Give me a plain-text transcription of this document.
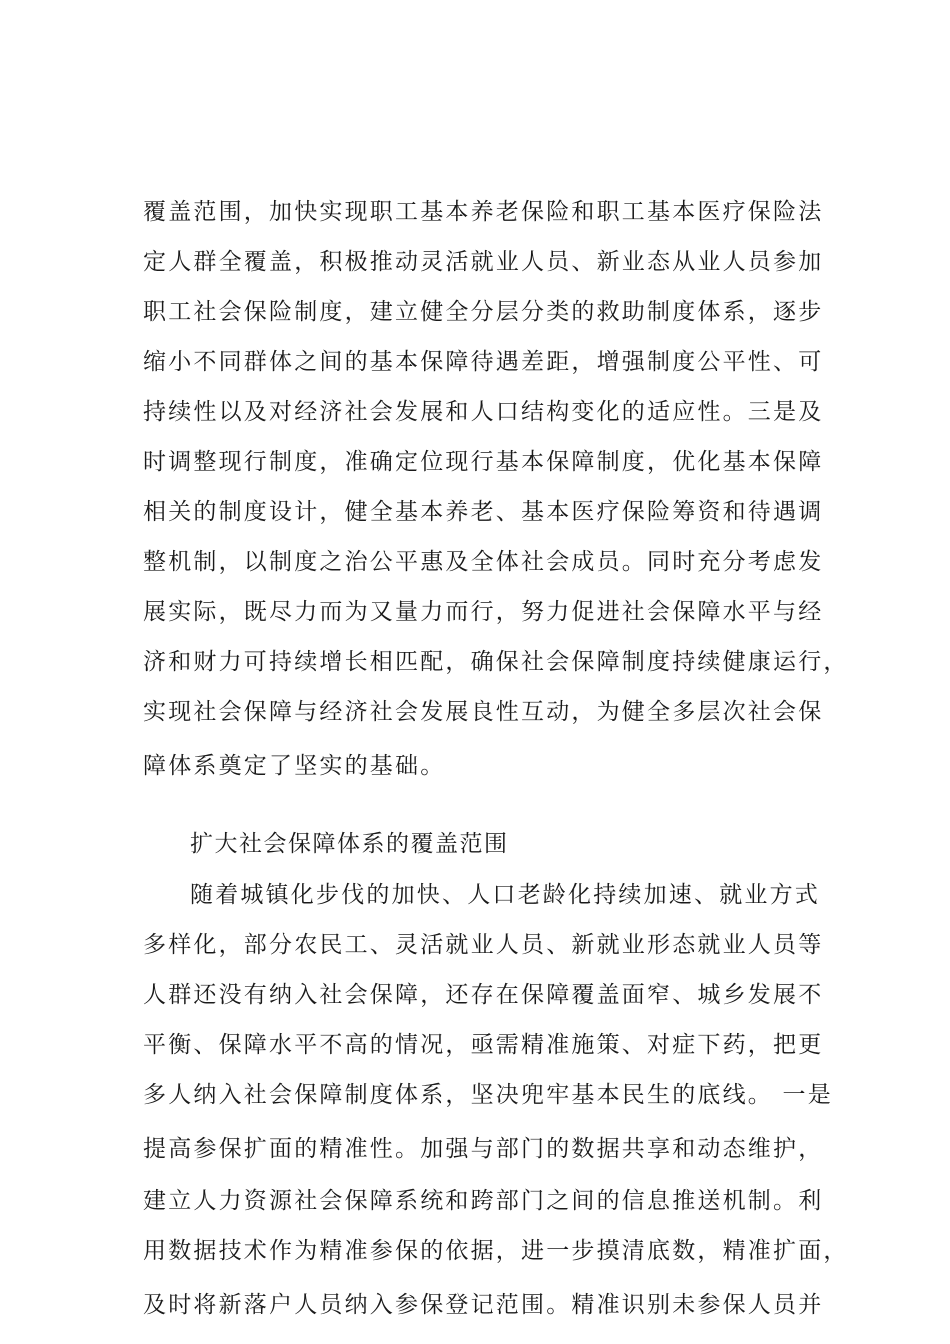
覆盖范围，加快实现职工基本养老保险和职工基本医疗保险法
定人群全覆盖，积极推动灵活就业人员、新业态从业人员参加
职工社会保险制度，建立健全分层分类的救助制度体系，逐步
缩小不同群体之间的基本保障待遇差距，增强制度公平性、可
持续性以及对经济社会发展和人口结构变化的适应性。三是及
时调整现行制度，准确定位现行基本保障制度，优化基本保障
相关的制度设计，健全基本养老、基本医疗保险筹资和待遇调
整机制，以制度之治公平惠及全体社会成员。同时充分考虑发
展实际，既尽力而为又量力而行，努力促进社会保障水平与经
济和财力可持续增长相匹配，确保社会保障制度持续健康运行，
实现社会保障与经济社会发展良性互动，为健全多层次社会保
障体系奠定了坚实的基础。
扩大社会保障体系的覆盖范围
随着城镇化步伐的加快、人口老龄化持续加速、就业方式
多样化，部分农民工、灵活就业人员、新就业形态就业人员等
人群还没有纳入社会保障，还存在保障覆盖面窄、城乡发展不
平衡、保障水平不高的情况，亟需精准施策、对症下药，把更
多人纳入社会保障制度体系，坚决兜牢基本民生的底线。 一是
提高参保扩面的精准性。加强与部门的数据共享和动态维护，
建立人力资源社会保障系统和跨部门之间的信息推送机制。利
用数据技术作为精准参保的依据，进一步摸清底数，精准扩面，
及时将新落户人员纳入参保登记范围。精准识别未参保人员并
